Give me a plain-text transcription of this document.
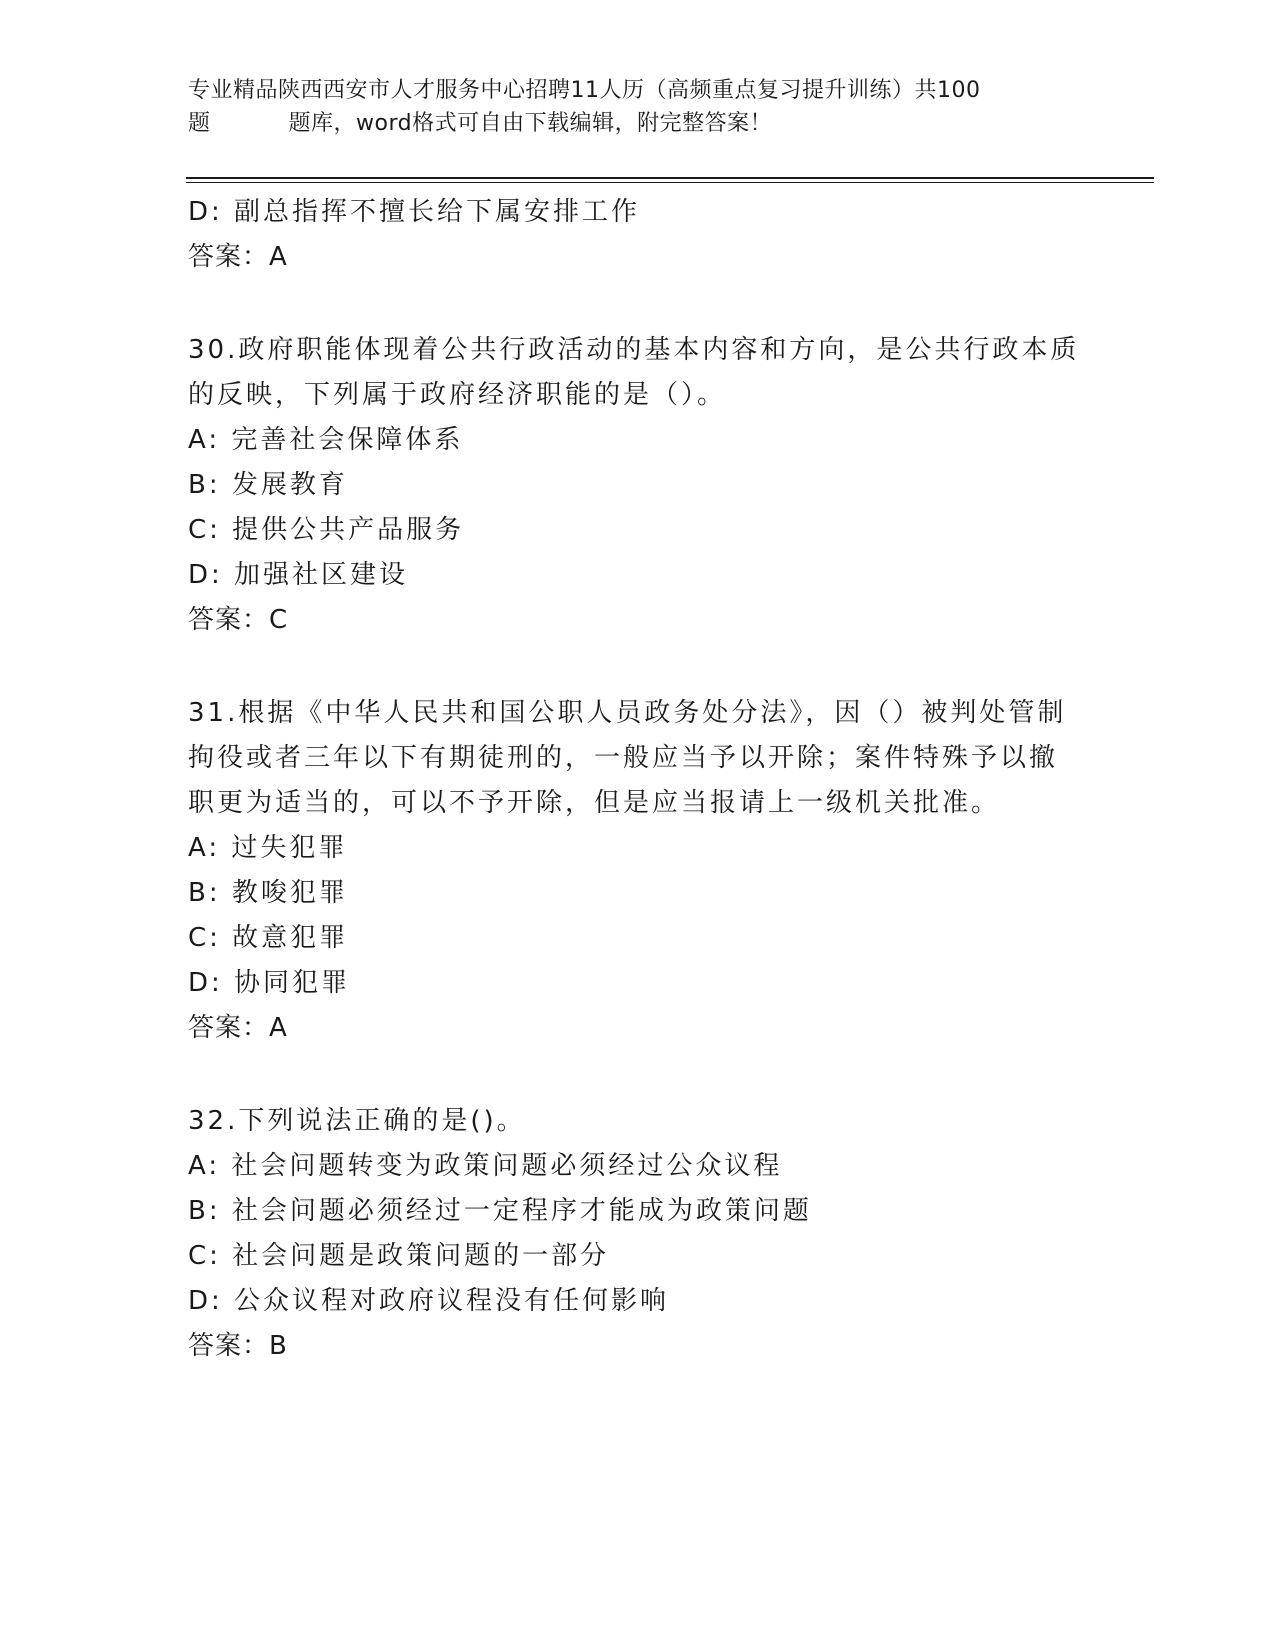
专业精品陕西西安市人才服务中心招聘11人历（高频重点复习提升训练）共100
题	题库，word格式可自由下载编辑，附完整答案！
D: 副总指挥不擅长给下属安排工作
答案：A
30.政府职能体现着公共行政活动的基本内容和方向，是公共行政本质
的反映，下列属于政府经济职能的是（）。
A: 完善社会保障体系
B: 发展教育
C: 提供公共产品服务
D: 加强社区建设
答案：C
31.根据《中华人民共和国公职人员政务处分法》，因（）被判处管制
拘役或者三年以下有期徒刑的，一般应当予以开除；案件特殊予以撤
职更为适当的，可以不予开除，但是应当报请上一级机关批准。
A: 过失犯罪
B: 教唆犯罪
C: 故意犯罪
D: 协同犯罪
答案：A
32.下列说法正确的是()。
A: 社会问题转变为政策问题必须经过公众议程
B: 社会问题必须经过一定程序才能成为政策问题
C: 社会问题是政策问题的一部分
D: 公众议程对政府议程没有任何影响
答案：B
